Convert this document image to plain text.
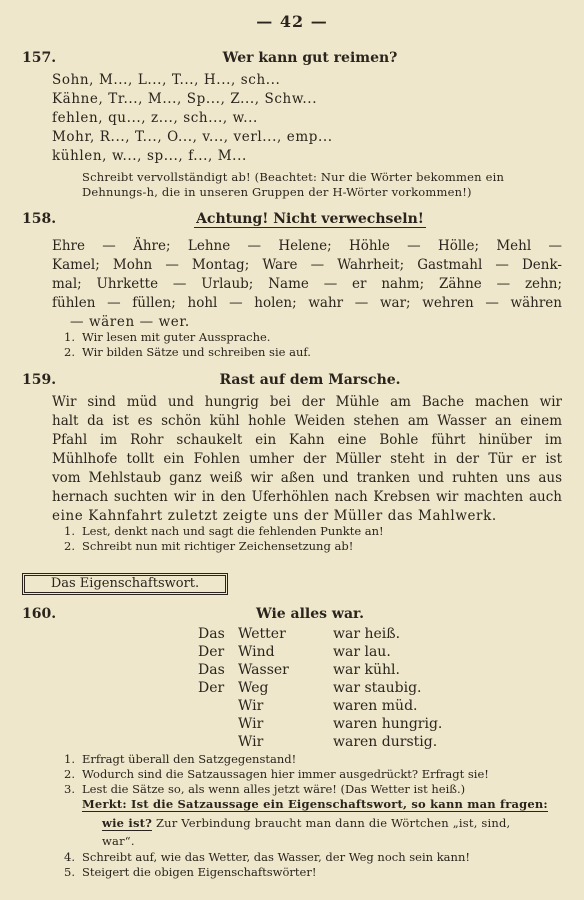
— 42 —
157.	Wer kann gut reimen?
Sohn, M..., L..., T..., H..., sch...
Kähne, Tr..., M..., Sp..., Z..., Schw...
fehlen, qu..., z..., sch..., w...
Mohr, R..., T..., O..., v..., verl..., emp...
kühlen, w..., sp..., f..., M...
Schreibt vervollständigt ab! (Beachtet: Nur die Wörter bekommen ein
Dehnungs-h, die in unseren Gruppen der H-Wörter vorkommen!)
158.	Achtung! Nicht verwechseln!
Ehre — Ähre; Lehne — Helene; Höhle — Hölle; Mehl —
Kamel; Mohn — Montag; Ware — Wahrheit; Gastmahl — Denk-
mal; Uhrkette — Urlaub; Name — er nahm; Zähne — zehn;
fühlen — füllen; hohl — holen; wahr — war; wehren — währen
— wären — wer.
1. Wir lesen mit guter Aussprache.
2. Wir bilden Sätze und schreiben sie auf.
159.	Rast auf dem Marsche.
Wir sind müd und hungrig bei der Mühle am Bache machen wir
halt da ist es schön kühl hohle Weiden stehen am Wasser an einem
Pfahl im Rohr schaukelt ein Kahn eine Bohle führt hinüber im
Mühlhofe tollt ein Fohlen umher der Müller steht in der Tür er ist
vom Mehlstaub ganz weiß wir aßen und tranken und ruhten uns aus
hernach suchten wir in den Uferhöhlen nach Krebsen wir machten auch
eine Kahnfahrt zuletzt zeigte uns der Müller das Mahlwerk.
1. Lest, denkt nach und sagt die fehlenden Punkte an!
2. Schreibt nun mit richtiger Zeichensetzung ab!
Das Eigenschaftswort.
160.	Wie alles war.
Das Wetter	war heiß.
Der Wind	war lau.
Das Wasser	war kühl.
Der Weg	war staubig.
Wir	waren müd.
Wir	waren hungrig.
Wir	waren durstig.
1. Erfragt überall den Satzgegenstand!
2. Wodurch sind die Satzaussagen hier immer ausgedrückt? Erfragt sie!
3. Lest die Sätze so, als wenn alles jetzt wäre! (Das Wetter ist heiß.)
Merkt: Ist die Satzaussage ein Eigenschaftswort, so kann man fragen:
wie ist? Zur Verbindung braucht man dann die Wörtchen „ist, sind,
war“.
4. Schreibt auf, wie das Wetter, das Wasser, der Weg noch sein kann!
5. Steigert die obigen Eigenschaftswörter!
